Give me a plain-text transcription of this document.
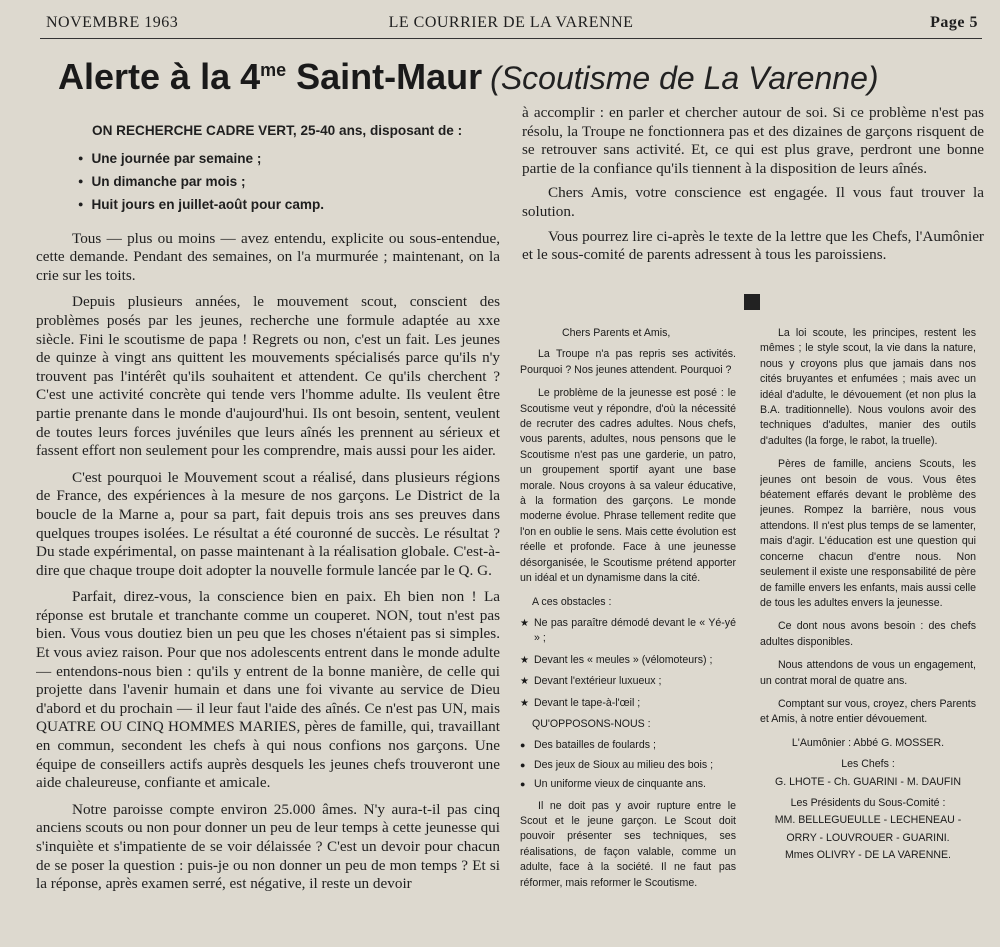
NOVEMBRE 1963	LE COURRIER DE LA VARENNE	Page 5
Alerte à la $4^{me}$ Saint-Maur (Scoutisme de La Varenne)
ON RECHERCHE CADRE VERT, 25-40 ans, disposant de :
● Une journée par semaine ;
● Un dimanche par mois ;
● Huit jours en juillet-août pour camp.

Tous — plus ou moins — avez entendu, explicite ou sous-entendue, cette demande. Pendant des semaines, on l'a murmurée ; maintenant, on la crie sur les toits.

Depuis plusieurs années, le mouvement scout, conscient des problèmes posés par les jeunes, recherche une formule adaptée au xxe siècle. Fini le scoutisme de papa ! Regrets ou non, c'est un fait. Les jeunes de quinze à vingt ans quittent les mouvements spécialisés parce qu'ils n'y trouvent pas l'intérêt qu'ils souhaitent et attendent. Ce qu'ils cherchent ? C'est une activité concrète qui tende vers l'homme adulte. Ils veulent être partie prenante dans le monde d'aujourd'hui. Ils ont besoin, sentent, veulent de toutes leurs forces juvéniles que leurs aînés les prennent au sérieux et fassent effort non seulement pour les comprendre, mais aussi pour les aider.

C'est pourquoi le Mouvement scout a réalisé, dans plusieurs régions de France, des expériences à la mesure de nos garçons. Le District de la boucle de la Marne a, pour sa part, fait depuis trois ans ses preuves dans quelques troupes isolées. Le résultat a été couronné de succès. Le résultat ? Du stade expérimental, on passe maintenant à la réalisation globale. C'est-à-dire que chaque troupe doit adopter la nouvelle formule lancée par le Q. G.

Parfait, direz-vous, la conscience bien en paix. Eh bien non ! La réponse est brutale et tranchante comme un couperet. NON, tout n'est pas bien. Vous vous doutiez bien un peu que les choses n'étaient pas si simples. Et vous aviez raison. Pour que nos adolescents entrent dans le monde adulte — entendons-nous bien : qu'ils y entrent de la bonne manière, de celle qui projette dans l'avenir humain et dans une foi vivante au service de Dieu d'abord et du prochain — il leur faut l'aide des aînés. Ce n'est pas UN, mais QUATRE OU CINQ HOMMES MARIES, pères de famille, qui, travaillant en commun, secondent les chefs à qui nous confions nos garçons. Une équipe de conseillers actifs auprès desquels les jeunes chefs trouveront une aide chaleureuse, confiante et amicale.

Notre paroisse compte environ 25.000 âmes. N'y aura-t-il pas cinq anciens scouts ou non pour donner un peu de leur temps à cette jeunesse qui s'inquiète et s'impatiente de se voir délaissée ? C'est un devoir pour chacun de se poser la question : puis-je ou non donner un peu de mon temps ? Et si la réponse, après examen serré, est négative, il reste un devoir

à accomplir : en parler et chercher autour de soi. Si ce problème n'est pas résolu, la Troupe ne fonctionnera pas et des dizaines de garçons risquent de se retrouver sans activité. Et, ce qui est plus grave, perdront une bonne partie de la confiance qu'ils tiennent à la disposition de leurs aînés.

Chers Amis, votre conscience est engagée. Il vous faut trouver la solution.

Vous pourrez lire ci-après le texte de la lettre que les Chefs, l'Aumônier et le sous-comité de parents adressent à tous les paroissiens.

Chers Parents et Amis,

La Troupe n'a pas repris ses activités. Pourquoi ? Nos jeunes attendent. Pourquoi ?

Le problème de la jeunesse est posé : le Scoutisme veut y répondre, d'où la nécessité de recruter des cadres adultes. Nous chefs, vous parents, adultes, nous pensons que le Scoutisme n'est pas une garderie, un patro, un groupement sportif ayant une base morale. Nous croyons à sa valeur éducative, à la formation des garçons. Le monde moderne évolue. Phrase tellement redite que l'on en oublie le sens. Mais cette évolution est réelle et profonde. Face à une jeunesse désorganisée, le Scoutisme prétend apporter un idéal et un dynamisme dans la cité.

A ces obstacles :
★ Ne pas paraître démodé devant le « Yé-yé » ;
★ Devant les « meules » (vélomoteurs) ;
★ Devant l'extérieur luxueux ;
★ Devant le tape-à-l'œil ;
QU'OPPOSONS-NOUS :
● Des batailles de foulards ;
● Des jeux de Sioux au milieu des bois ;
● Un uniforme vieux de cinquante ans.

Il ne doit pas y avoir rupture entre le Scout et le jeune garçon. Le Scout doit pouvoir présenter ses techniques, ses réalisations, de façon valable, comme un adulte, face à la société. Il ne faut pas réformer, mais reformer le Scoutisme.

La loi scoute, les principes, restent les mêmes ; le style scout, la vie dans la nature, nous y croyons plus que jamais dans nos cités bruyantes et enfumées ; mais avec un idéal d'adulte, le dévouement (et non plus la B.A. traditionnelle). Nous voulons avoir des techniques d'adultes, manier des outils d'adultes (la forge, le rabot, la truelle).

Pères de famille, anciens Scouts, les jeunes ont besoin de vous. Vous êtes béatement effarés devant le problème des jeunes. Rompez la barrière, nous vous attendons. Il n'est plus temps de se lamenter, mais d'agir. L'éducation est une question qui concerne chacun d'entre nous. Non seulement il existe une responsabilité de père de famille envers les enfants, mais aussi celle de tous les adultes envers la jeunesse.

Ce dont nous avons besoin : des chefs adultes disponibles.

Nous attendons de vous un engagement, un contrat moral de quatre ans.

Comptant sur vous, croyez, chers Parents et Amis, à notre entier dévouement.

L'Aumônier : Abbé G. MOSSER.

Les Chefs :

G. LHOTE - Ch. GUARINI - M. DAUFIN

Les Présidents du Sous-Comité :

MM. BELLEGUEULLE - LECHENEAU -

ORRY - LOUVROUER - GUARINI.

Mmes OLIVRY - DE LA VARENNE.
